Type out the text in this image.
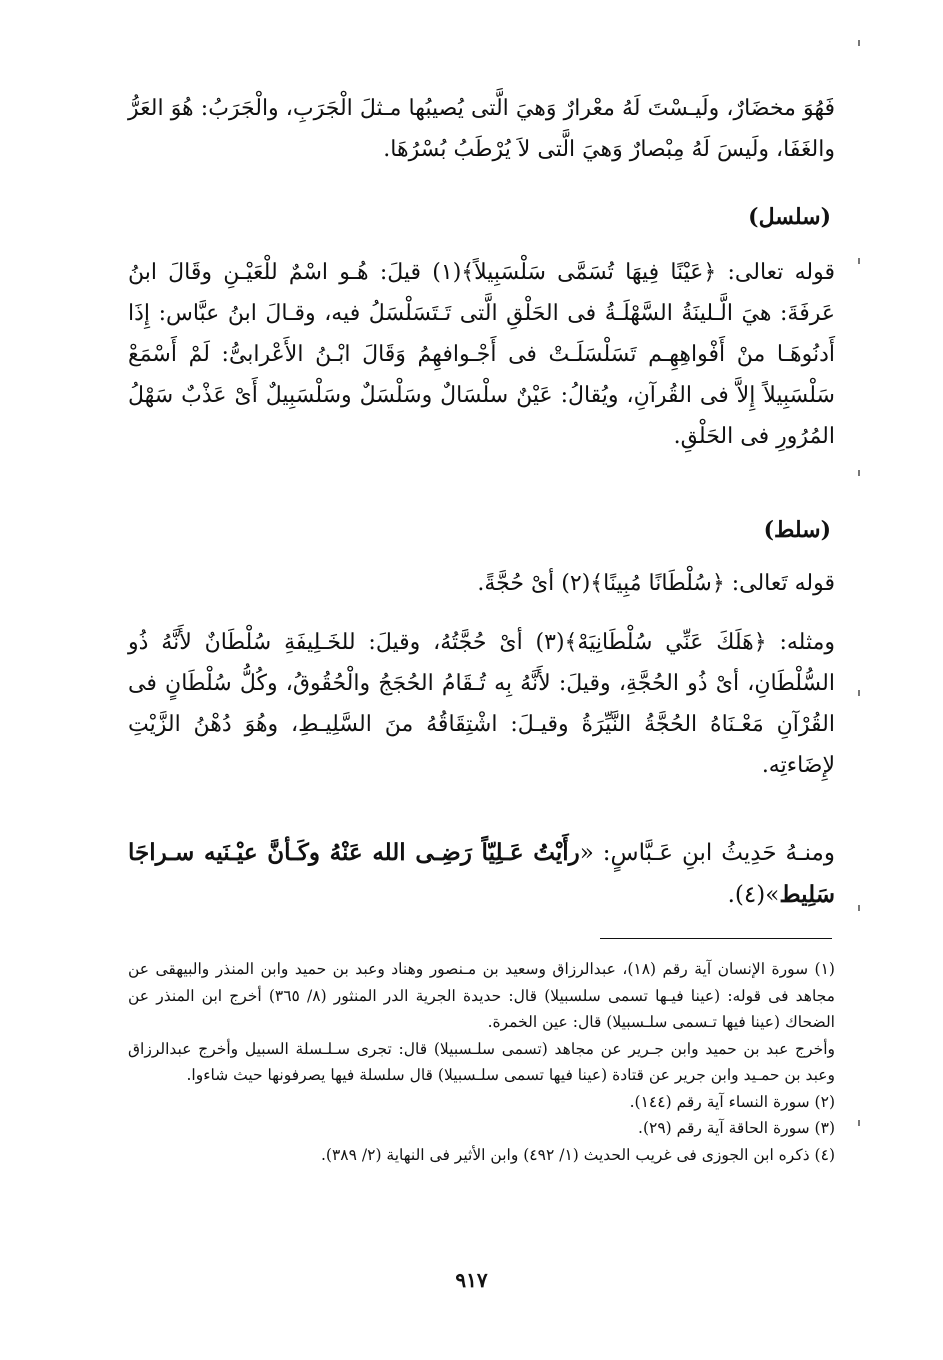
فَهُوَ مخضَارٌ، ولَيـسْتَ لَهُ معْرارٌ وَهيَ الَّتى يُصيبُها مـثلَ الْجَرَبِ، والْجَرَبُ: هُوَ العَرُّ والغَفَا، ولَيسَ لَهُ مِبْصارٌ وَهيَ الَّتى لاَ يُرْطَبُ بُسْرُهَا.

(سلسل)

قوله تعالى: ﴿عَيْنًا فِيهَا تُسَمَّى سَلْسَبِيلاً﴾(١) قيلَ: هُـو اسْمٌ للْعَيْـنِ وقَالَ ابنُ عَرفَةَ: هيَ الَّـلينَةُ السَّهْلَـةُ فى الحَلْقِ الَّتى تَـتَسَلْسَلُ فيه، وقـالَ ابنُ عبَّاس: إِذَا أَدنُوهَـا منْ أَفْواهِهِـم تَسَلْسَلَـتْ فى أَجْـوافهِمُ وَقَالَ ابْـنُ الأَعْرابىُّ: لَمْ أَسْمَعْ سَلْسَبِيلاً إِلاَّ فى القُرآنِ، ويُقالُ: عَيْنٌ سلْسَالٌ وسَلْسَلٌ وسَلْسَبِيلٌ أَىْ عَذْبٌ سَهْلُ المُرُورِ فى الحَلْقِ.

(سلط)

قوله تَعالى: ﴿سُلْطَانًا مُبِينًا﴾(٢) أىْ حُجَّةً.

ومثله: ﴿هَلَكَ عَنِّي سُلْطَانِيَهْ﴾(٣) أىْ حُجَّتُهُ، وقيلَ: للخَـلِيفَةِ سُلْطَانٌ لأَنَّهُ ذُو السُّلْطَانِ، أىْ ذُو الحُجَّةِ، وقيلَ: لأَنَّهُ بِه تُـقَامُ الحُجَجُ والْحُقُوقُ، وكُلُّ سُلْطَانٍ فى القُرْآنِ مَعْـنَاهُ الحُجَّةُ النَّيِّرَةُ وقيـلَ: اشْتِقَاقُهُ منَ السَّلِيـطِ، وهُوَ دُهْنُ الزَّيْتِ لإِضَاءتِه.

ومنـهُ حَدِيثُ ابنِ عَـبَّاسٍ: «رأَيْتُ عَـلِيّاً رَضِـى الله عَنْهُ وكَـأنَّ عيْـنَيه سـراجَا سَلِيط»(٤).

(١) سورة الإنسان آية رقم (١٨)، عبدالرزاق وسعيد بن مـنصور وهناد وعبد بن حميد وابن المنذر والبيهقى عن مجاهد فى قوله: (عينا فيـها تسمى سلسبيلا) قال: حديدة الجرية الدر المنثور (٨/ ٣٦٥) أخرج ابن المنذر عن الضحاك (عينا فيها تـسمى سلـسبيلا) قال: عين الخمرة.

وأخرج عبد بن حميد وابن جـرير عن مجاهد (تسمى سلـسبيلا) قال: تجرى سـلـسلة السبيل وأخرج عبدالرزاق وعبد بن حمـيد وابن جرير عن قتادة (عينا فيها تسمى سلـسبيلا) قال سلسلة فيها يصرفونها حيث شاءوا.

(٢) سورة النساء آية رقم (١٤٤).

(٣) سورة الحاقة آية رقم (٢٩).

(٤) ذكره ابن الجوزى فى غريب الحديث (١/ ٤٩٢) وابن الأثير فى النهاية (٢/ ٣٨٩).

٩١٧
